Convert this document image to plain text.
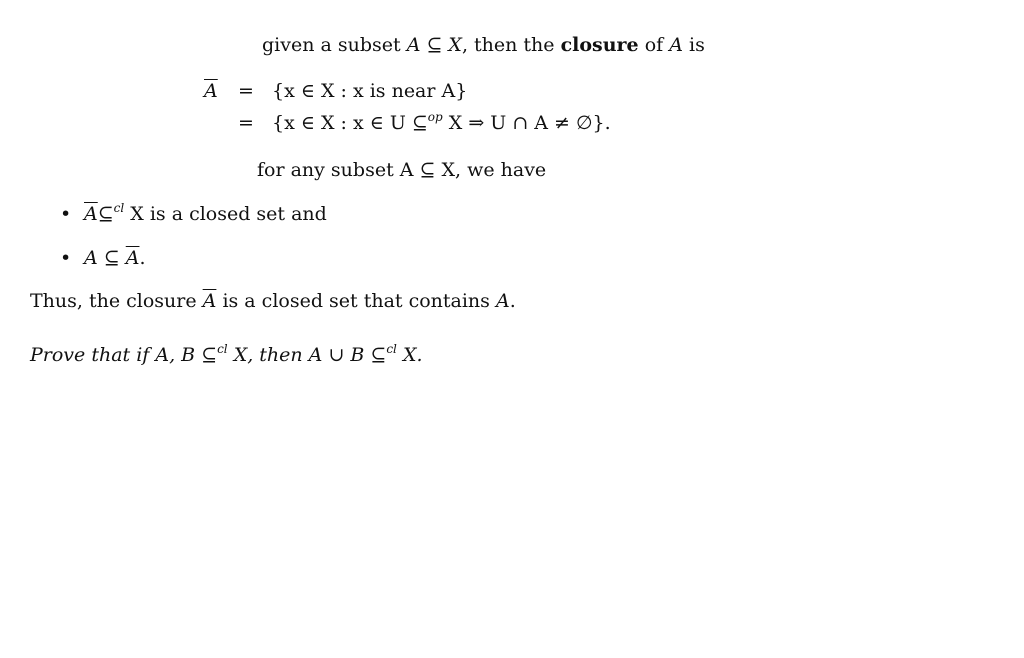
given a subset A ⊆ X, then the closure of A is
$\overline{A} = \{x$ ∈ X : x is near A}
= {x ∈ X : x ∈ U ⊆$^{op}$ X ⇒ U ∩ A ≠ ∅}.
for any subset A ⊆ X, we have
• $\overline{A}⊆^{cl}$ X is a closed set and
• A ⊆ $\overline{A}$.
Thus, the closure $\overline{A}$ is a closed set that contains A.
Prove that if A, B ⊆$^{cl}$ X, then A ∪ B ⊆$^{cl}$ X.
